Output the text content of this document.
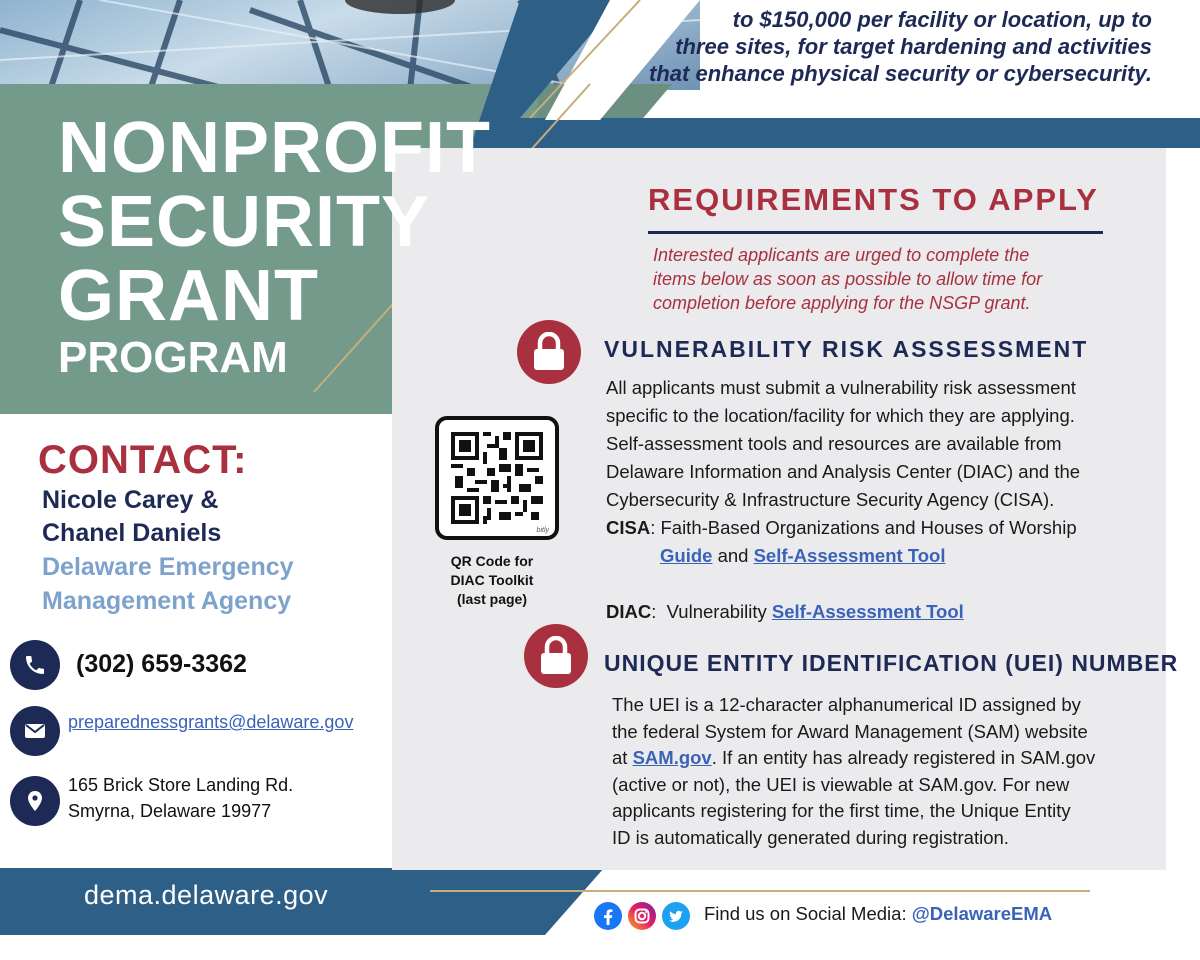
NONPROFIT
SECURITY
GRANT
PROGRAM
to $150,000 per facility or location, up to
three sites, for target hardening and activities
that enhance physical security or cybersecurity.
REQUIREMENTS TO APPLY
Interested applicants are urged to complete the
items below as soon as possible to allow time for
completion before applying for the NSGP grant.
VULNERABILITY RISK ASSSESSMENT
All applicants must submit a vulnerability risk assessment
specific to the location/facility for which they are applying.
Self-assessment tools and resources are available from
Delaware Information and Analysis Center (DIAC) and the
Cybersecurity & Infrastructure Security Agency (CISA).
CISA: Faith-Based Organizations and Houses of Worship
Guide and Self-Assessment Tool
DIAC:  Vulnerability Self-Assessment Tool
bitly
QR Code for
DIAC Toolkit
(last page)
UNIQUE ENTITY IDENTIFICATION (UEI) NUMBER
The UEI is a 12-character alphanumerical ID assigned by
the federal System for Award Management (SAM) website
at SAM.gov. If an entity has already registered in SAM.gov
(active or not), the UEI is viewable at SAM.gov. For new
applicants registering for the first time, the Unique Entity
ID is automatically generated during registration.
CONTACT:
Nicole Carey &
Chanel Daniels
Delaware Emergency
Management Agency
(302) 659-3362
preparednessgrants@delaware.gov
165 Brick Store Landing Rd.
Smyrna, Delaware 19977
dema.delaware.gov
Find us on Social Media: @DelawareEMA
